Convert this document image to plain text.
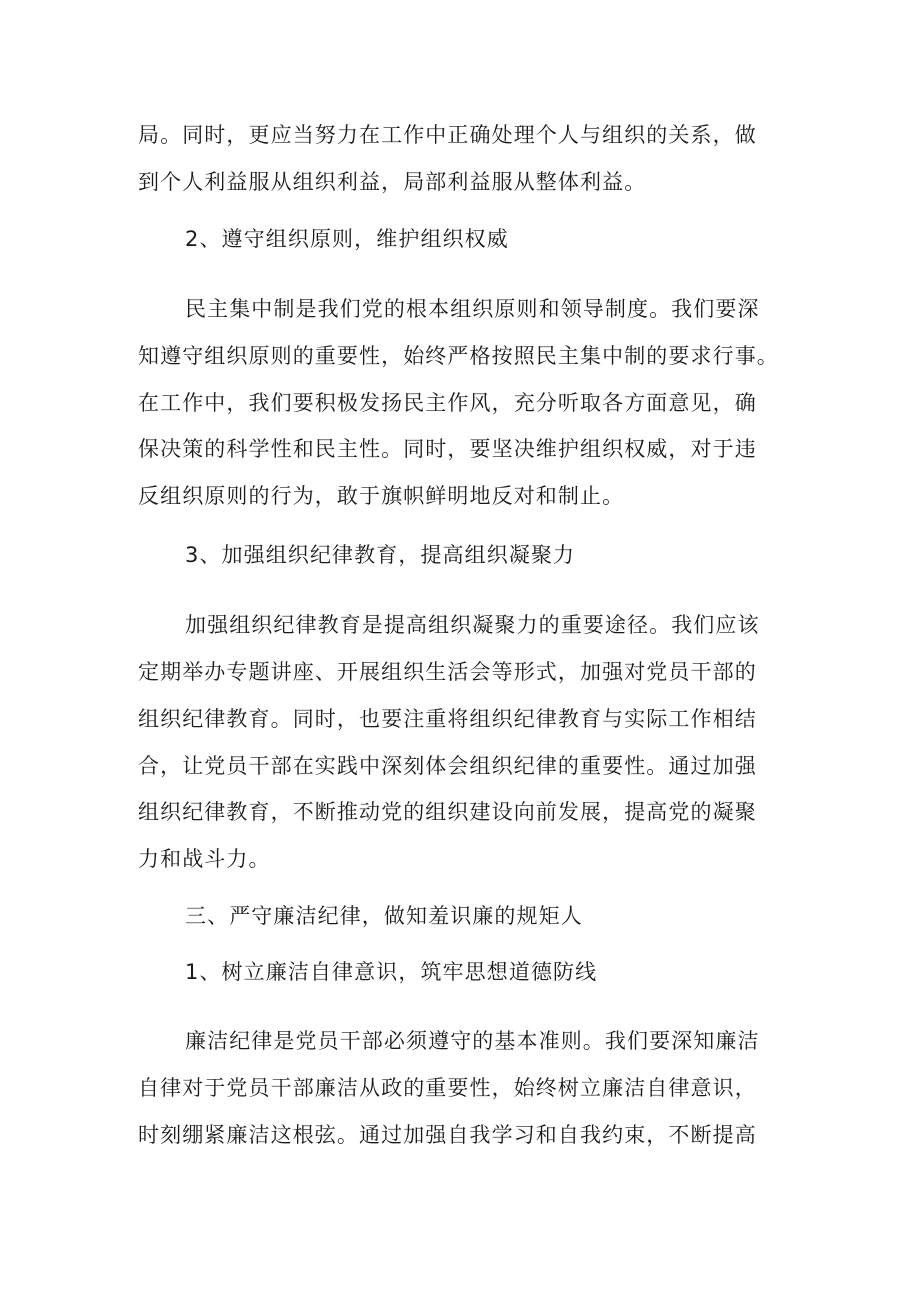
局。同时，更应当努力在工作中正确处理个人与组织的关系，做

到个人利益服从组织利益，局部利益服从整体利益。

2、遵守组织原则，维护组织权威

民主集中制是我们党的根本组织原则和领导制度。我们要深

知遵守组织原则的重要性，始终严格按照民主集中制的要求行事。

在工作中，我们要积极发扬民主作风，充分听取各方面意见，确

保决策的科学性和民主性。同时，要坚决维护组织权威，对于违

反组织原则的行为，敢于旗帜鲜明地反对和制止。

3、加强组织纪律教育，提高组织凝聚力

加强组织纪律教育是提高组织凝聚力的重要途径。我们应该

定期举办专题讲座、开展组织生活会等形式，加强对党员干部的

组织纪律教育。同时，也要注重将组织纪律教育与实际工作相结

合，让党员干部在实践中深刻体会组织纪律的重要性。通过加强

组织纪律教育，不断推动党的组织建设向前发展，提高党的凝聚

力和战斗力。

三、严守廉洁纪律，做知羞识廉的规矩人

1、树立廉洁自律意识，筑牢思想道德防线

廉洁纪律是党员干部必须遵守的基本准则。我们要深知廉洁

自律对于党员干部廉洁从政的重要性，始终树立廉洁自律意识，

时刻绷紧廉洁这根弦。通过加强自我学习和自我约束，不断提高
